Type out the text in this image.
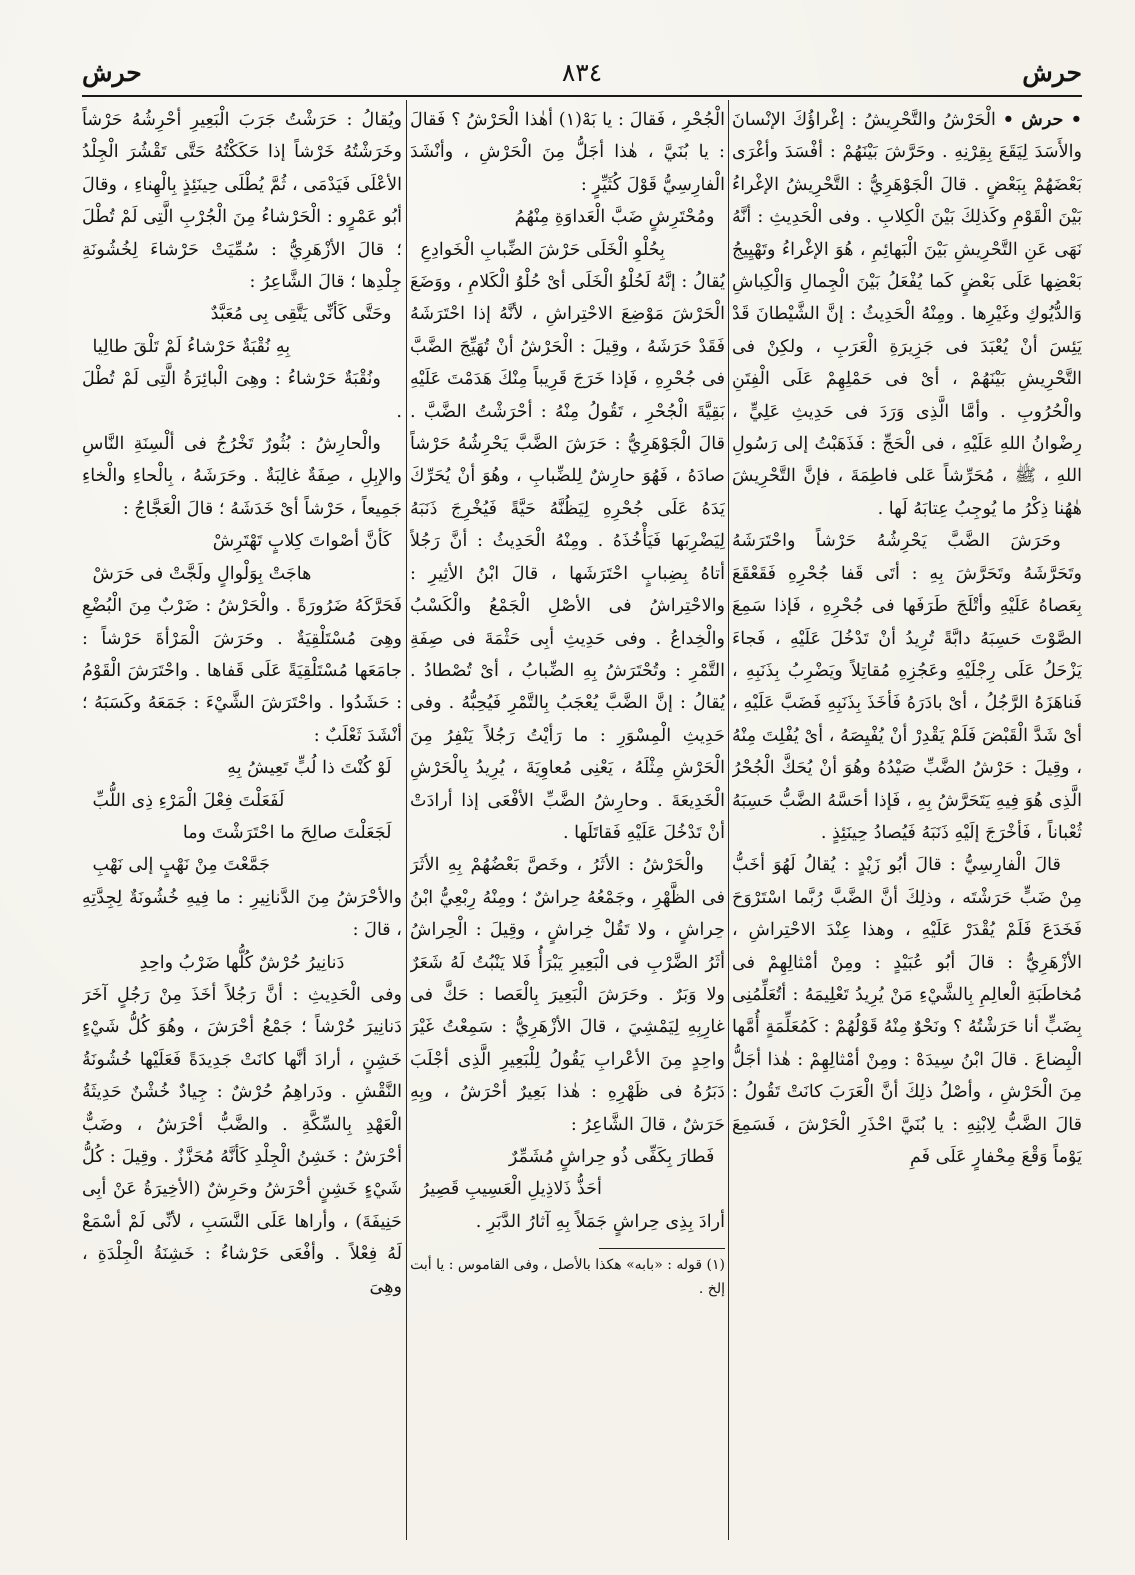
حرش
٨٣٤
حرش

• حرش • الْحَرْشُ والتَّحْرِيشُ : إغْراؤُكَ الإنْسانَ والأَسَدَ لِيَقَعَ بِقِرْنِهِ . وحَرَّشَ بَيْنَهُمْ : أفْسَدَ وأغْرَى بَعْضَهُمْ بِبَعْضٍ . قالَ الْجَوْهَرِيُّ : التَّحْرِيشُ الإغْراءُ بَيْنَ الْقَوْمِ وكَذلِكَ بَيْنَ الْكِلابِ . وفى الْحَدِيثِ : أنَّهُ نَهَى عَنِ التَّحْرِيشِ بَيْنَ الْبَهائِمِ ، هُوَ الإغْراءُ وتَهْيِيجُ بَعْضِها عَلَى بَعْضٍ كَما يُفْعَلُ بَيْنَ الْجِمالِ وَالْكِباشِ وَالدُّيُوكِ وغَيْرِها . ومِنْهُ الْحَدِيثُ : إنَّ الشَّيْطانَ قَدْ يَئِسَ أنْ يُعْبَدَ فى جَزِيرَةِ الْعَرَبِ ، ولكِنْ فى التَّحْرِيشِ بَيْنَهُمْ ، أىْ فى حَمْلِهِمْ عَلَى الْفِتَنِ والْحُرُوبِ . وأمَّا الَّذِى وَرَدَ فى حَدِيثِ عَلِيٍّ ، رِضْوانُ اللهِ عَلَيْهِ ، فى الْحَجِّ : فَذَهَبْتُ إلى رَسُولِ اللهِ ، ﷺ ، مُحَرِّشاً عَلى فاطِمَةَ ، فإنَّ التَّحْرِيشَ هٰهُنا ذِكْرُ ما يُوجِبُ عِتابَهُ لَها .

وحَرَشَ الضَّبَّ يَحْرِشُهُ حَرْشاً واحْتَرَشَهُ وتَحَرَّشَهُ وتَحَرَّشَ بِهِ : أتَى قَفا جُحْرِهِ فَقَعْقَعَ بِعَصاهُ عَلَيْهِ وأتْلَجَ طَرَفَها فى جُحْرِهِ ، فَإذا سَمِعَ الصَّوْتَ حَسِبَهُ دابَّةً تُرِيدُ أنْ تَدْخُلَ عَلَيْهِ ، فَجاءَ يَزْحَلُ عَلَى رِجْلَيْهِ وعَجُزِهِ مُقاتِلاً ويَضْرِبُ بِذَنَبِهِ ، فَناهَزَهُ الرَّجُلُ ، أىْ بادَرَهُ فَأخَذَ بِذَنَبِهِ فَضَبَّ عَلَيْهِ ، أىْ شَدَّ الْقَبْضَ فَلَمْ يَقْدِرْ أنْ يُفْيِصَهُ ، أىْ يُفْلِتَ مِنْهُ ، وقِيلَ : حَرْشُ الضَّبِّ صَيْدُهُ وهُوَ أنْ يُحَكَّ الْجُحْرُ الَّذِى هُوَ فِيهِ يَتَحَرَّشُ بِهِ ، فَإذا أحَسَّهُ الضَّبُّ حَسِبَهُ ثُعْباناً ، فَأخْرَجَ إلَيْهِ ذَنَبَهُ فَيُصادُ حِينَئِذٍ .

قالَ الْفارِسِيُّ : قالَ أبُو زَيْدٍ : يُقالُ لَهُوَ أخَبُّ مِنْ ضَبٍّ حَرَشْتَه ، وذلِكَ أنَّ الضَّبَّ رُبَّما اسْتَرْوَحَ فَخَدَعَ فَلَمْ يُقْدَرْ عَلَيْهِ ، وهذا عِنْدَ الاحْتِراشِ ، الأزْهَرِيُّ : قالَ أبُو عُبَيْدٍ : ومِنْ أمْثالِهِمْ فى مُخاطَبَةِ الْعالِمِ بِالشَّيْءِ مَنْ يُرِيدُ تَعْلِيمَهُ : أتُعَلِّمُنِى بِضَبٍّ أنا حَرَشْتُهُ ؟ ونَحْوٌ مِنْهُ قَوْلُهُمْ : كَمُعَلِّمَةٍ أُمَّها الْبِضاعَ . قالَ ابْنُ سِيدَهْ : ومِنْ أمْثالِهِمْ : هٰذا أجَلُّ مِنَ الْحَرْشِ ، وأصْلُ ذلِكَ أنَّ الْعَرَبَ كانَتْ تَقُولُ : قالَ الضَّبُّ لِابْنِهِ : يا بُنَيَّ احْذَرِ الْحَرْشَ ، فَسَمِعَ يَوْماً وَقْعَ مِحْفارٍ عَلَى فَمِ

الْجُحْرِ ، فَقالَ : يا بَهْ(١) أهٰذا الْحَرْشُ ؟ فَقالَ : يا بُنَيَّ ، هٰذا أجَلُّ مِنَ الْحَرْشِ ، وأنْشَدَ الْفارِسِيُّ قَوْلَ كُثَيِّرٍ :

ومُحْتَرِشٍ ضَبَّ الْعَداوَةِ مِنْهُمُ

بِحُلْوِ الْخَلَى حَرْشَ الضِّبابِ الْخَوادِعِ

يُقالُ : إنَّهُ لَحُلْوُ الْخَلَى أىْ حُلْوُ الْكَلامِ ، ووَضَعَ الْحَرْشَ مَوْضِعَ الاحْتِراشِ ، لأنَّهُ إذا احْتَرَشَهُ فَقَدْ حَرَشَهُ ، وقِيلَ : الْحَرْشُ أنْ تُهَيِّجَ الضَّبَّ فى جُحْرِهِ ، فَإذا خَرَجَ قَرِيباً مِنْكَ هَدَمْتَ عَلَيْهِ بَقِيَّةَ الْجُحْرِ ، تَقُولُ مِنْهُ : أحْرَشْتُ الضَّبَّ . قالَ الْجَوْهَرِيُّ : حَرَشَ الضَّبَّ يَحْرِشُهُ حَرْشاً صادَهُ ، فَهُوَ حارِشٌ لِلضِّبابِ ، وهُوَ أنْ يُحَرِّكَ يَدَهُ عَلَى جُحْرِهِ لِيَظُنَّهُ حَيَّةً فَيُخْرِجَ ذَنَبَهُ لِيَضْرِبَها فَيَأْخُذَهُ . ومِنْهُ الْحَدِيثُ : أنَّ رَجُلاً أتاهُ بِضِبابٍ احْتَرَشَها ، قالَ ابْنُ الأثِيرِ : والاحْتِراشُ فى الأصْلِ الْجَمْعُ والْكَسْبُ والْخِداعُ . وفى حَدِيثِ أبِى حَثْمَةَ فى صِفَةِ التَّمْرِ : وتُحْتَرَشُ بِهِ الضِّبابُ ، أىْ تُصْطادُ . يُقالُ : إنَّ الضَّبَّ يُعْجَبُ بِالتَّمْرِ فَيُحِبُّهُ . وفى حَدِيثِ الْمِسْوَرِ : ما رَأيْتُ رَجُلاً يَنْفِرُ مِنَ الْحَرْشِ مِثْلَهُ ، يَعْنِى مُعاوِيَةَ ، يُرِيدُ بِالْحَرْشِ الْخَدِيعَةَ . وحارِشُ الضَّبِّ الأفْعَى إذا أرادَتْ أنْ تَدْخُلَ عَلَيْهِ فَقاتَلَها .

والْحَرْشُ : الأثَرُ ، وخَصَّ بَعْضُهُمْ بِهِ الأثَرَ فى الظَّهْرِ ، وجَمْعُهُ حِراشٌ ؛ ومِنْهُ رِبْعِيُّ ابْنُ حِراشٍ ، ولا تَقُلْ خِراشٍ ، وقِيلَ : الْحِراشُ أثَرُ الضَّرْبِ فى الْبَعِيرِ يَبْرَأُ فَلا يَنْبُتُ لَهُ شَعَرٌ ولا وَبَرٌ . وحَرَشَ الْبَعِيرَ بِالْعَصا : حَكَّ فى غارِبِهِ لِيَمْشِيَ ، قالَ الأزْهَرِيُّ : سَمِعْتُ غَيْرَ واحِدٍ مِنَ الأعْرابِ يَقُولُ لِلْبَعِيرِ الَّذِى أجْلَبَ دَبَرُهُ فى ظَهْرِهِ : هٰذا بَعِيرٌ أحْرَشُ ، وبِهِ حَرَشٌ ، قالَ الشَّاعِرُ :

فَطارَ بِكَفِّى ذُو حِراشٍ مُشَمِّرٌ

أحَذُّ ذَلاذِيلِ الْعَسِيبِ قَصِيرُ

أرادَ بِذِى حِراشٍ جَمَلاً بِهِ آثارُ الدَّبَرِ .

(١) قوله : «بابه» هكذا بالأصل ، وفى القاموس : يا أبت إلخ .

ويُقالُ : حَرَشْتُ جَرَبَ الْبَعِيرِ أحْرِشُهُ حَرْشاً وخَرَشْتُهُ خَرْشاً إذا حَكَكْتُهُ حَتَّى تَقْشُرَ الْجِلْدُ الأعْلَى فَيَدْمَى ، ثُمَّ يُطْلَى حِينَئِذٍ بِالْهِناءِ ، وقالَ أبُو عَمْرٍو : الْحَرْشاءُ مِنَ الْجُرْبِ الَّتِى لَمْ تُطْلَ ؛ قالَ الأزْهَرِيُّ : سُمِّيَتْ حَرْشاءَ لِخُشُونَةِ جِلْدِها ؛ قالَ الشَّاعِرُ :

وحَتَّى كَأنِّى يَتَّقِى بِى مُعَبَّدٌ

بِهِ نُقْبَةٌ حَرْشاءُ لَمْ تَلْقَ طالِيا

ونُقْبَةٌ حَرْشاءُ : وهِىَ الْبائِرَةُ الَّتِى لَمْ تُطْلَ .

والْحارِشُ : بُثُورٌ تَخْرُجُ فى ألْسِنَةِ النَّاسِ والإبِلِ ، صِفَةٌ غالِبَةٌ . وحَرَشَهُ ، بِالْحاءِ والْخاءِ جَمِيعاً ، حَرْشاً أىْ خَدَشَهُ ؛ قالَ الْعَجَّاجُ :

كَأنَّ أصْواتَ كِلابٍ تَهْتَرِشْ

هاجَتْ بِوَلْوالٍ ولَجَّتْ فى حَرَشْ

فَحَرَّكَهُ ضَرُورَةً . والْحَرْشُ : ضَرْبٌ مِنَ الْبُضْعِ وهِىَ مُسْتَلْقِيَةٌ . وحَرَشَ الْمَرْأةَ حَرْشاً : جامَعَها مُسْتَلْقِيَةً عَلَى قَفاها . واحْتَرَشَ الْقَوْمُ : حَشَدُوا . واحْتَرَشَ الشَّيْءَ : جَمَعَهُ وكَسَبَهُ ؛ أنْشَدَ ثَعْلَبٌ :

لَوْ كُنْتَ ذا لُبٍّ تَعِيشُ بِهِ

لَفَعَلْتَ فِعْلَ الْمَرْءِ ذِى اللُّبِّ

لَجَعَلْتَ صالِحَ ما احْتَرَشْتَ وما

جَمَّعْتَ مِنْ نَهْبٍ إلى نَهْبِ

والأحْرَشُ مِنَ الدَّنانِيرِ : ما فِيهِ خُشُونَةٌ لِجِدَّتِهِ ، قالَ :

دَنانِيرُ حُرْشٌ كُلُّها ضَرْبُ واحِدِ

وفى الْحَدِيثِ : أنَّ رَجُلاً أخَذَ مِنْ رَجُلٍ آخَرَ دَنانِيرَ حُرْشاً ؛ جَمْعُ أحْرَشَ ، وهُوَ كُلُّ شَيْءٍ خَشِنٍ ، أرادَ أنَّها كانَتْ جَدِيدَةً فَعَلَيْها خُشُونَةُ النَّقْشِ . ودَراهِمُ حُرْشٌ : جِيادٌ خُشْنٌ حَدِيثَةُ الْعَهْدِ بِالسِّكَّةِ . والضَّبُّ أحْرَشُ ، وضَبٌّ أحْرَشُ : خَشِنُ الْجِلْدِ كَأنَّهُ مُحَزَّزٌ . وقِيلَ : كُلُّ شَيْءٍ خَشِنٍ أحْرَشُ وحَرِشٌ (الأخِيرَةُ عَنْ أبِى حَنِيفَةَ) ، وأراها عَلَى النَّسَبِ ، لأنِّى لَمْ أسْمَعْ لَهُ فِعْلاً . وأفْعَى حَرْشاءُ : خَشِنَةُ الْجِلْدَةِ ، وهِىَ
